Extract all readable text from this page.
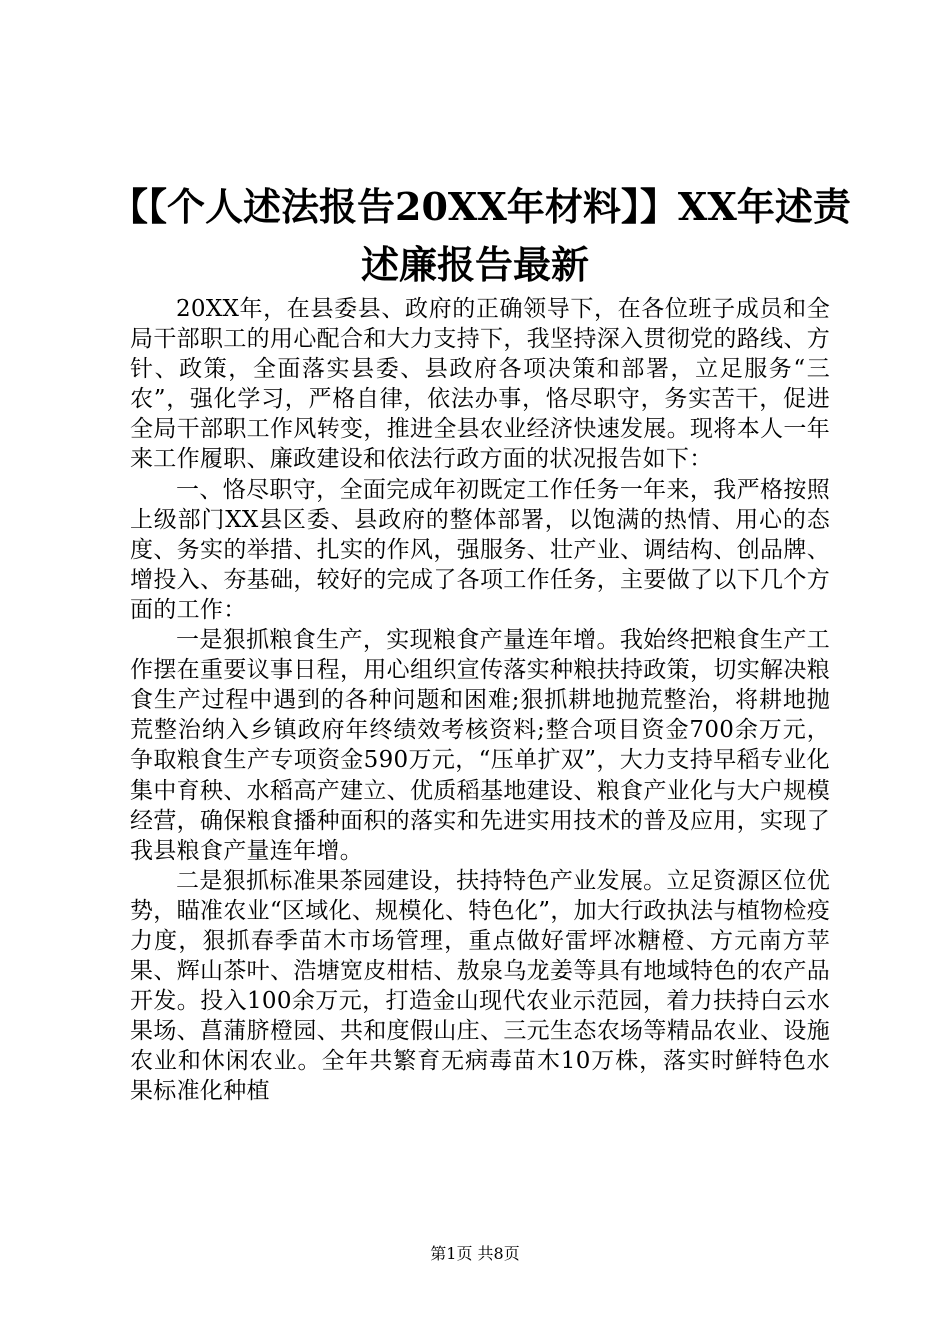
【【个人述法报告20XX年材料】】XX年述责
述廉报告最新

20XX年，在县委县、政府的正确领导下，在各位班子成员和全局干部职工的用心配合和大力支持下，我坚持深入贯彻党的路线、方针、政策，全面落实县委、县政府各项决策和部署，立足服务“三农”，强化学习，严格自律，依法办事，恪尽职守，务实苦干，促进全局干部职工作风转变，推进全县农业经济快速发展。现将本人一年来工作履职、廉政建设和依法行政方面的状况报告如下：

一、恪尽职守，全面完成年初既定工作任务一年来，我严格按照上级部门XX县区委、县政府的整体部署，以饱满的热情、用心的态度、务实的举措、扎实的作风，强服务、壮产业、调结构、创品牌、增投入、夯基础，较好的完成了各项工作任务，主要做了以下几个方面的工作：

一是狠抓粮食生产，实现粮食产量连年增。我始终把粮食生产工作摆在重要议事日程，用心组织宣传落实种粮扶持政策，切实解决粮食生产过程中遇到的各种问题和困难;狠抓耕地抛荒整治，将耕地抛荒整治纳入乡镇政府年终绩效考核资料;整合项目资金700余万元，争取粮食生产专项资金590万元，“压单扩双”，大力支持早稻专业化集中育秧、水稻高产建立、优质稻基地建设、粮食产业化与大户规模经营，确保粮食播种面积的落实和先进实用技术的普及应用，实现了我县粮食产量连年增。

二是狠抓标准果茶园建设，扶持特色产业发展。立足资源区位优势，瞄准农业“区域化、规模化、特色化”，加大行政执法与植物检疫力度，狠抓春季苗木市场管理，重点做好雷坪冰糖橙、方元南方苹果、辉山茶叶、浩塘宽皮柑桔、敖泉乌龙姜等具有地域特色的农产品开发。投入100余万元，打造金山现代农业示范园，着力扶持白云水果场、菖蒲脐橙园、共和度假山庄、三元生态农场等精品农业、设施农业和休闲农业。全年共繁育无病毒苗木10万株，落实时鲜特色水果标准化种植

第1页 共8页
